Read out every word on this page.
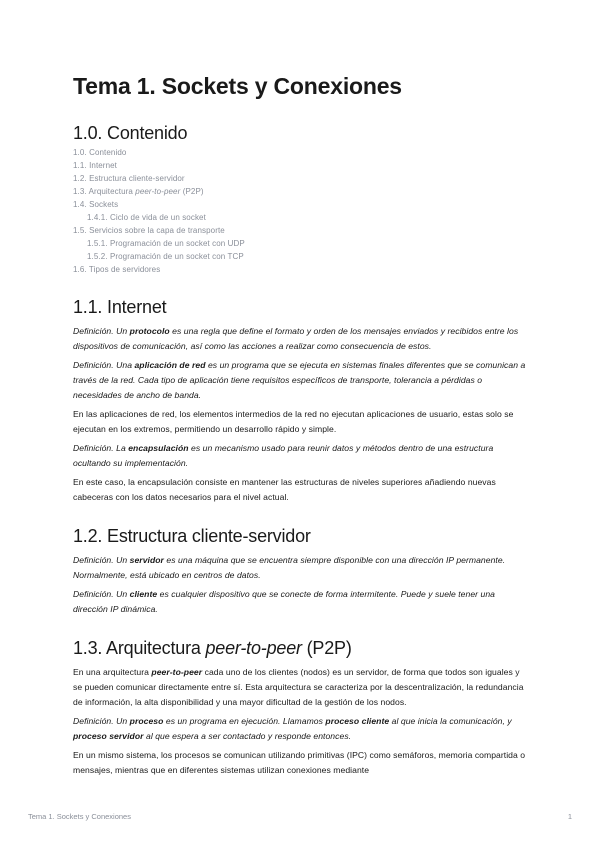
Tema 1. Sockets y Conexiones
1.0. Contenido
1.0. Contenido
1.1. Internet
1.2. Estructura cliente-servidor
1.3. Arquitectura peer-to-peer (P2P)
1.4. Sockets
1.4.1. Ciclo de vida de un socket
1.5. Servicios sobre la capa de transporte
1.5.1. Programación de un socket con UDP
1.5.2. Programación de un socket con TCP
1.6. Tipos de servidores
1.1. Internet

Definición. Un protocolo es una regla que define el formato y orden de los mensajes enviados y recibidos entre los dispositivos de comunicación, así como las acciones a realizar como consecuencia de estos.

Definición. Una aplicación de red es un programa que se ejecuta en sistemas finales diferentes que se comunican a través de la red. Cada tipo de aplicación tiene requisitos específicos de transporte, tolerancia a pérdidas o necesidades de ancho de banda.

En las aplicaciones de red, los elementos intermedios de la red no ejecutan aplicaciones de usuario, estas solo se ejecutan en los extremos, permitiendo un desarrollo rápido y simple.

Definición. La encapsulación es un mecanismo usado para reunir datos y métodos dentro de una estructura ocultando su implementación.

En este caso, la encapsulación consiste en mantener las estructuras de niveles superiores añadiendo nuevas cabeceras con los datos necesarios para el nivel actual.

1.2. Estructura cliente-servidor

Definición. Un servidor es una máquina que se encuentra siempre disponible con una dirección IP permanente. Normalmente, está ubicado en centros de datos.

Definición. Un cliente es cualquier dispositivo que se conecte de forma intermitente. Puede y suele tener una dirección IP dinámica.

1.3. Arquitectura peer-to-peer (P2P)

En una arquitectura peer-to-peer cada uno de los clientes (nodos) es un servidor, de forma que todos son iguales y se pueden comunicar directamente entre sí. Esta arquitectura se caracteriza por la descentralización, la redundancia de información, la alta disponibilidad y una mayor dificultad de la gestión de los nodos.

Definición. Un proceso es un programa en ejecución. Llamamos proceso cliente al que inicia la comunicación, y proceso servidor al que espera a ser contactado y responde entonces.

En un mismo sistema, los procesos se comunican utilizando primitivas (IPC) como semáforos, memoria compartida o mensajes, mientras que en diferentes sistemas utilizan conexiones mediante

Tema 1. Sockets y Conexiones	1
